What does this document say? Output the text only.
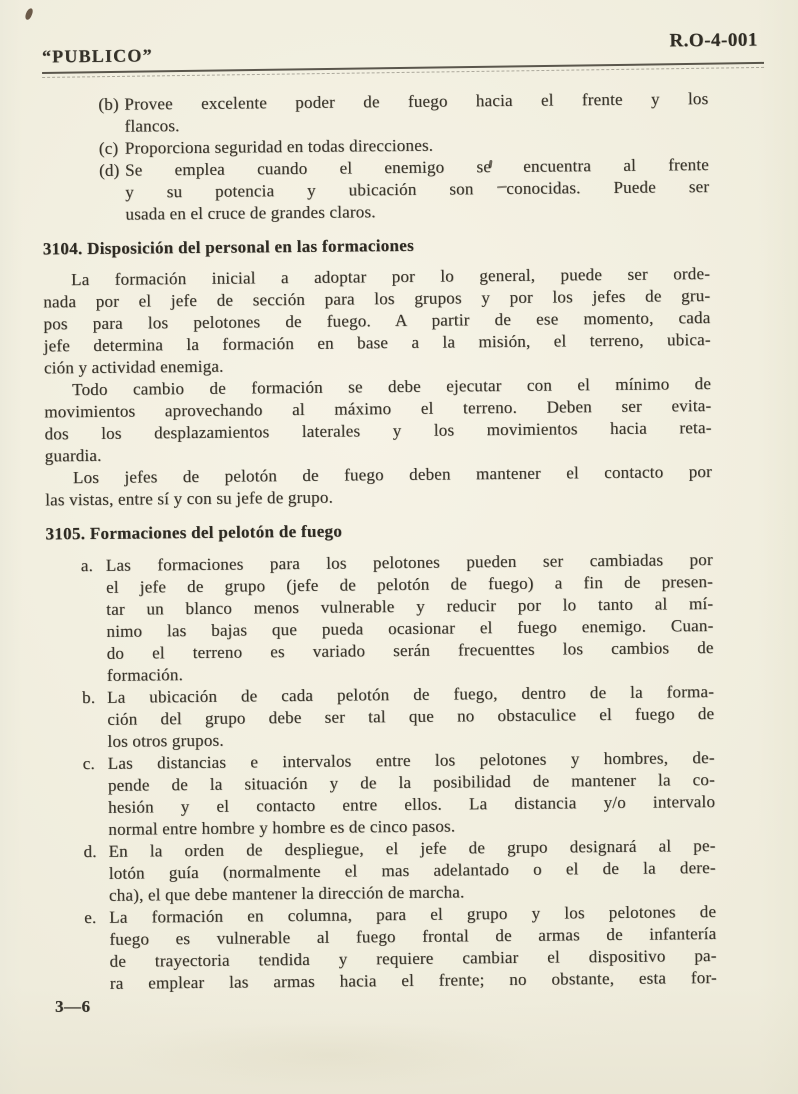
“PUBLICO”
R.O-4-001
(b) Provee excelente poder de fuego hacia el frente y los
flancos.
(c) Proporciona seguridad en todas direcciones.
(d) Se emplea cuando el enemigo se encuentra al frente
y su potencia y ubicación son conocidas. Puede ser
usada en el cruce de grandes claros.
3104. Disposición del personal en las formaciones
La formación inicial a adoptar por lo general, puede ser orde-
nada por el jefe de sección para los grupos y por los jefes de gru-
pos para los pelotones de fuego. A partir de ese momento, cada
jefe determina la formación en base a la misión, el terreno, ubica-
ción y actividad enemiga.
Todo cambio de formación se debe ejecutar con el mínimo de
movimientos aprovechando al máximo el terreno. Deben ser evita-
dos los desplazamientos laterales y los movimientos hacia reta-
guardia.
Los jefes de pelotón de fuego deben mantener el contacto por
las vistas, entre sí y con su jefe de grupo.
3105. Formaciones del pelotón de fuego
a. Las formaciones para los pelotones pueden ser cambiadas por
el jefe de grupo (jefe de pelotón de fuego) a fin de presen-
tar un blanco menos vulnerable y reducir por lo tanto al mí-
nimo las bajas que pueda ocasionar el fuego enemigo. Cuan-
do el terreno es variado serán frecuenttes los cambios de
formación.
b. La ubicación de cada pelotón de fuego, dentro de la forma-
ción del grupo debe ser tal que no obstaculice el fuego de
los otros grupos.
c. Las distancias e intervalos entre los pelotones y hombres, de-
pende de la situación y de la posibilidad de mantener la co-
hesión y el contacto entre ellos. La distancia y/o intervalo
normal entre hombre y hombre es de cinco pasos.
d. En la orden de despliegue, el jefe de grupo designará al pe-
lotón guía (normalmente el mas adelantado o el de la dere-
cha), el que debe mantener la dirección de marcha.
e. La formación en columna, para el grupo y los pelotones de
fuego es vulnerable al fuego frontal de armas de infantería
de trayectoria tendida y requiere cambiar el dispositivo pa-
ra emplear las armas hacia el frente; no obstante, esta for-
3—6
